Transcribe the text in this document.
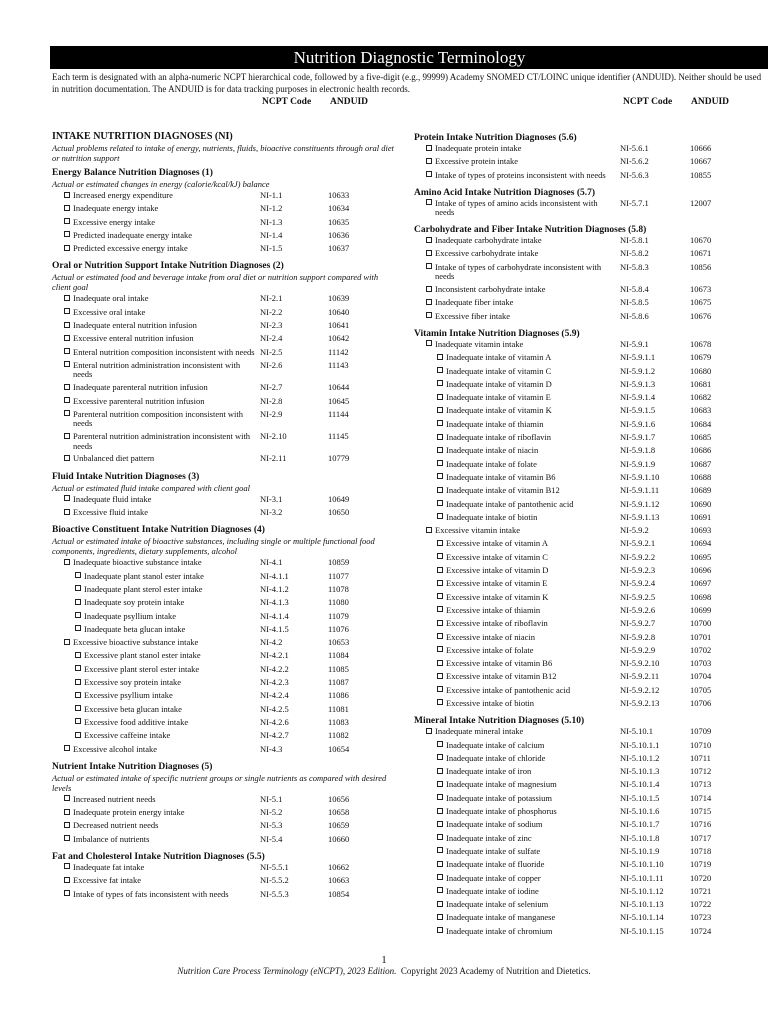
Nutrition Diagnostic Terminology
Each term is designated with an alpha-numeric NCPT hierarchical code, followed by a five-digit (e.g., 99999) Academy SNOMED CT/LOINC unique identifier (ANDUID). Neither should be used in nutrition documentation. The ANDUID is for data tracking purposes in electronic health records.
NCPT Code ANDUID
INTAKE NUTRITION DIAGNOSES (NI)
Actual problems related to intake of energy, nutrients, fluids, bioactive constituents through oral diet or nutrition support
Energy Balance Nutrition Diagnoses (1)
Actual or estimated changes in energy (calorie/kcal/kJ) balance
Increased energy expenditure	NI-1.1	10633
Inadequate energy intake	NI-1.2	10634
Excessive energy intake	NI-1.3	10635
Predicted inadequate energy intake	NI-1.4	10636
Predicted excessive energy intake	NI-1.5	10637
Oral or Nutrition Support Intake Nutrition Diagnoses (2)
Actual or estimated food and beverage intake from oral diet or nutrition support compared with client goal
Inadequate oral intake	NI-2.1	10639
Excessive oral intake	NI-2.2	10640
Inadequate enteral nutrition infusion	NI-2.3	10641
Excessive enteral nutrition infusion	NI-2.4	10642
Enteral nutrition composition inconsistent with needs NI-2.5	11142
Enteral nutrition administration inconsistent with needs
NI-2.6	11143
Inadequate parenteral nutrition infusion	NI-2.7	10644
Excessive parenteral nutrition infusion	NI-2.8	10645
Parenteral nutrition composition inconsistent with needs
NI-2.9	11144
Parenteral nutrition administration inconsistent with needs
NI-2.10	11145
Unbalanced diet pattern	NI-2.11	10779
Fluid Intake Nutrition Diagnoses (3)
Actual or estimated fluid intake compared with client goal
Inadequate fluid intake	NI-3.1	10649
Excessive fluid intake	NI-3.2	10650
Bioactive Constituent Intake Nutrition Diagnoses (4)
Actual or estimated intake of bioactive substances, including single or multiple functional food components, ingredients, dietary supplements, alcohol
Inadequate bioactive substance intake	NI-4.1	10859
Inadequate plant stanol ester intake	NI-4.1.1	11077
Inadequate plant sterol ester intake	NI-4.1.2	11078
Inadequate soy protein intake	NI-4.1.3	11080
Inadequate psyllium intake	NI-4.1.4	11079
Inadequate beta glucan intake	NI-4.1.5	11076
Excessive bioactive substance intake	NI-4.2	10653
Excessive plant stanol ester intake	NI-4.2.1	11084
Excessive plant sterol ester intake	NI-4.2.2	11085
Excessive soy protein intake	NI-4.2.3	11087
Excessive psyllium intake	NI-4.2.4	11086
Excessive beta glucan intake	NI-4.2.5	11081
Excessive food additive intake	NI-4.2.6	11083
Excessive caffeine intake	NI-4.2.7	11082
Excessive alcohol intake	NI-4.3	10654
Nutrient Intake Nutrition Diagnoses (5)
Actual or estimated intake of specific nutrient groups or single nutrients as compared with desired levels
Increased nutrient needs	NI-5.1	10656
Inadequate protein energy intake	NI-5.2	10658
Decreased nutrient needs	NI-5.3	10659
Imbalance of nutrients	NI-5.4	10660
Fat and Cholesterol Intake Nutrition Diagnoses (5.5)
Inadequate fat intake	NI-5.5.1	10662
Excessive fat intake	NI-5.5.2	10663
Intake of types of fats inconsistent with needs	NI-5.5.3	10854
NCPT Code ANDUID
Protein Intake Nutrition Diagnoses (5.6)
Inadequate protein intake	NI-5.6.1	10666
Excessive protein intake	NI-5.6.2	10667
Intake of types of proteins inconsistent with needs	NI-5.6.3	10855
Amino Acid Intake Nutrition Diagnoses (5.7)
Intake of types of amino acids inconsistent with needs
NI-5.7.1	12007
Carbohydrate and Fiber Intake Nutrition Diagnoses (5.8)
Inadequate carbohydrate intake	NI-5.8.1	10670
Excessive carbohydrate intake	NI-5.8.2	10671
Intake of types of carbohydrate inconsistent with needs
NI-5.8.3	10856
Inconsistent carbohydrate intake	NI-5.8.4	10673
Inadequate fiber intake	NI-5.8.5	10675
Excessive fiber intake	NI-5.8.6	10676
Vitamin Intake Nutrition Diagnoses (5.9)
Inadequate vitamin intake	NI-5.9.1	10678
Inadequate intake of vitamin A	NI-5.9.1.1	10679
Inadequate intake of vitamin C	NI-5.9.1.2	10680
Inadequate intake of vitamin D	NI-5.9.1.3	10681
Inadequate intake of vitamin E	NI-5.9.1.4	10682
Inadequate intake of vitamin K	NI-5.9.1.5	10683
Inadequate intake of thiamin	NI-5.9.1.6	10684
Inadequate intake of riboflavin	NI-5.9.1.7	10685
Inadequate intake of niacin	NI-5.9.1.8	10686
Inadequate intake of folate	NI-5.9.1.9	10687
Inadequate intake of vitamin B6	NI-5.9.1.10	10688
Inadequate intake of vitamin B12	NI-5.9.1.11	10689
Inadequate intake of pantothenic acid	NI-5.9.1.12	10690
Inadequate intake of biotin	NI-5.9.1.13	10691
Excessive vitamin intake	NI-5.9.2	10693
Excessive intake of vitamin A	NI-5.9.2.1	10694
Excessive intake of vitamin C	NI-5.9.2.2	10695
Excessive intake of vitamin D	NI-5.9.2.3	10696
Excessive intake of vitamin E	NI-5.9.2.4	10697
Excessive intake of vitamin K	NI-5.9.2.5	10698
Excessive intake of thiamin	NI-5.9.2.6	10699
Excessive intake of riboflavin	NI-5.9.2.7	10700
Excessive intake of niacin	NI-5.9.2.8	10701
Excessive intake of folate	NI-5.9.2.9	10702
Excessive intake of vitamin B6	NI-5.9.2.10	10703
Excessive intake of vitamin B12	NI-5.9.2.11	10704
Excessive intake of pantothenic acid	NI-5.9.2.12	10705
Excessive intake of biotin	NI-5.9.2.13	10706
Mineral Intake Nutrition Diagnoses (5.10)
Inadequate mineral intake	NI-5.10.1	10709
Inadequate intake of calcium	NI-5.10.1.1	10710
Inadequate intake of chloride	NI-5.10.1.2	10711
Inadequate intake of iron	NI-5.10.1.3	10712
Inadequate intake of magnesium	NI-5.10.1.4	10713
Inadequate intake of potassium	NI-5.10.1.5	10714
Inadequate intake of phosphorus	NI-5.10.1.6	10715
Inadequate intake of sodium	NI-5.10.1.7	10716
Inadequate intake of zinc	NI-5.10.1.8	10717
Inadequate intake of sulfate	NI-5.10.1.9	10718
Inadequate intake of fluoride	NI-5.10.1.10	10719
Inadequate intake of copper	NI-5.10.1.11	10720
Inadequate intake of iodine	NI-5.10.1.12	10721
Inadequate intake of selenium	NI-5.10.1.13	10722
Inadequate intake of manganese	NI-5.10.1.14	10723
Inadequate intake of chromium	NI-5.10.1.15	10724
1
Nutrition Care Process Terminology (eNCPT), 2023 Edition. Copyright 2023 Academy of Nutrition and Dietetics.
